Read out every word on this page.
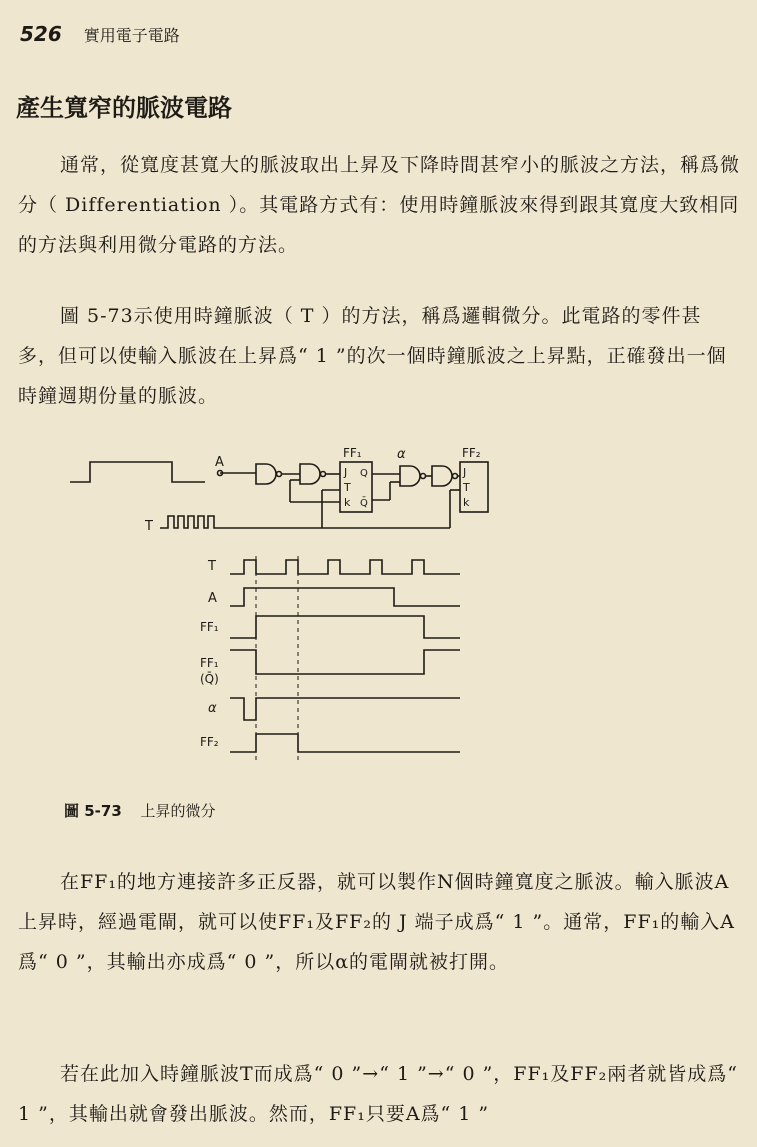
526 實用電子電路
產生寬窄的脈波電路

通常，從寬度甚寬大的脈波取出上昇及下降時間甚窄小的脈波之方法，稱爲微分（ Differentiation ）。其電路方式有：使用時鐘脈波來得到跟其寬度大致相同的方法與利用微分電路的方法。

圖 5-73示使用時鐘脈波（ T ）的方法，稱爲邏輯微分。此電路的零件甚多，但可以使輸入脈波在上昇爲“ 1 ”的次一個時鐘脈波之上昇點，正確發出一個時鐘週期份量的脈波。

A
FF₁
J
T
k
Q
Q̄
α	FF₂
J
T
k
T
T
A
FF₁
FF₁
(Q̄)
α
FF₂
圖 5-73 上昇的微分

在FF₁的地方連接許多正反器，就可以製作N個時鐘寬度之脈波。輸入脈波A上昇時，經過電閘，就可以使FF₁及FF₂的 J 端子成爲“ 1 ”。通常，FF₁的輸入A爲“ 0 ”，其輸出亦成爲“ 0 ”，所以α的電閘就被打開。

若在此加入時鐘脈波T而成爲“ 0 ”→“ 1 ”→“ 0 ”，FF₁及FF₂兩者就皆成爲“ 1 ”，其輸出就會發出脈波。然而，FF₁只要A爲“ 1 ”
